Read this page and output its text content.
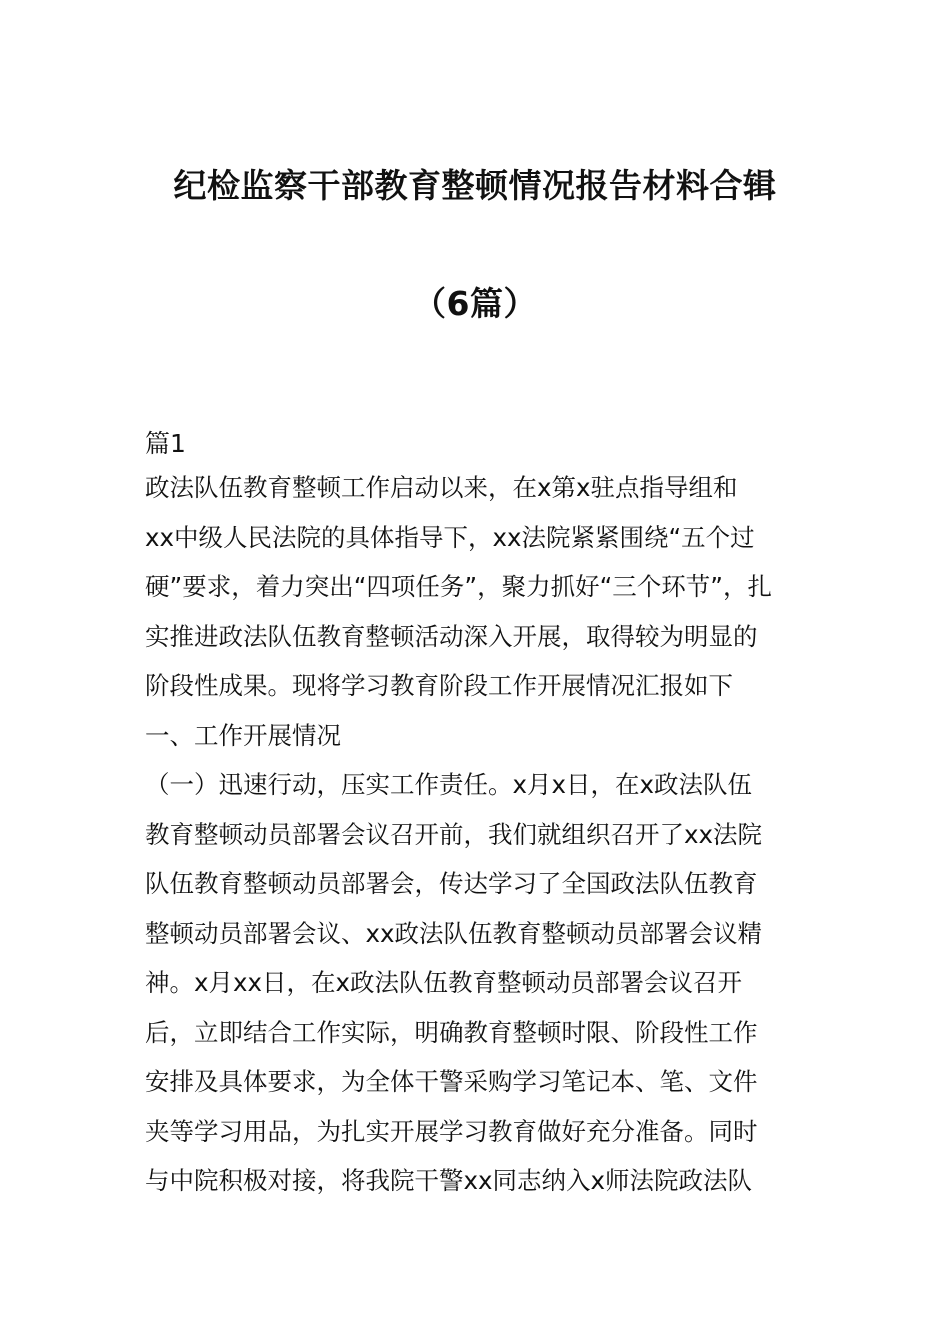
纪检监察干部教育整顿情况报告材料合辑
（6篇）
篇1
政法队伍教育整顿工作启动以来，在x第x驻点指导组和
xx中级人民法院的具体指导下，xx法院紧紧围绕“五个过
硬”要求，着力突出“四项任务”，聚力抓好“三个环节”，扎
实推进政法队伍教育整顿活动深入开展，取得较为明显的
阶段性成果。现将学习教育阶段工作开展情况汇报如下
一、工作开展情况
（一）迅速行动，压实工作责任。x月x日，在x政法队伍
教育整顿动员部署会议召开前，我们就组织召开了xx法院
队伍教育整顿动员部署会，传达学习了全国政法队伍教育
整顿动员部署会议、xx政法队伍教育整顿动员部署会议精
神。x月xx日，在x政法队伍教育整顿动员部署会议召开
后，立即结合工作实际，明确教育整顿时限、阶段性工作
安排及具体要求，为全体干警采购学习笔记本、笔、文件
夹等学习用品，为扎实开展学习教育做好充分准备。同时
与中院积极对接，将我院干警xx同志纳入x师法院政法队
